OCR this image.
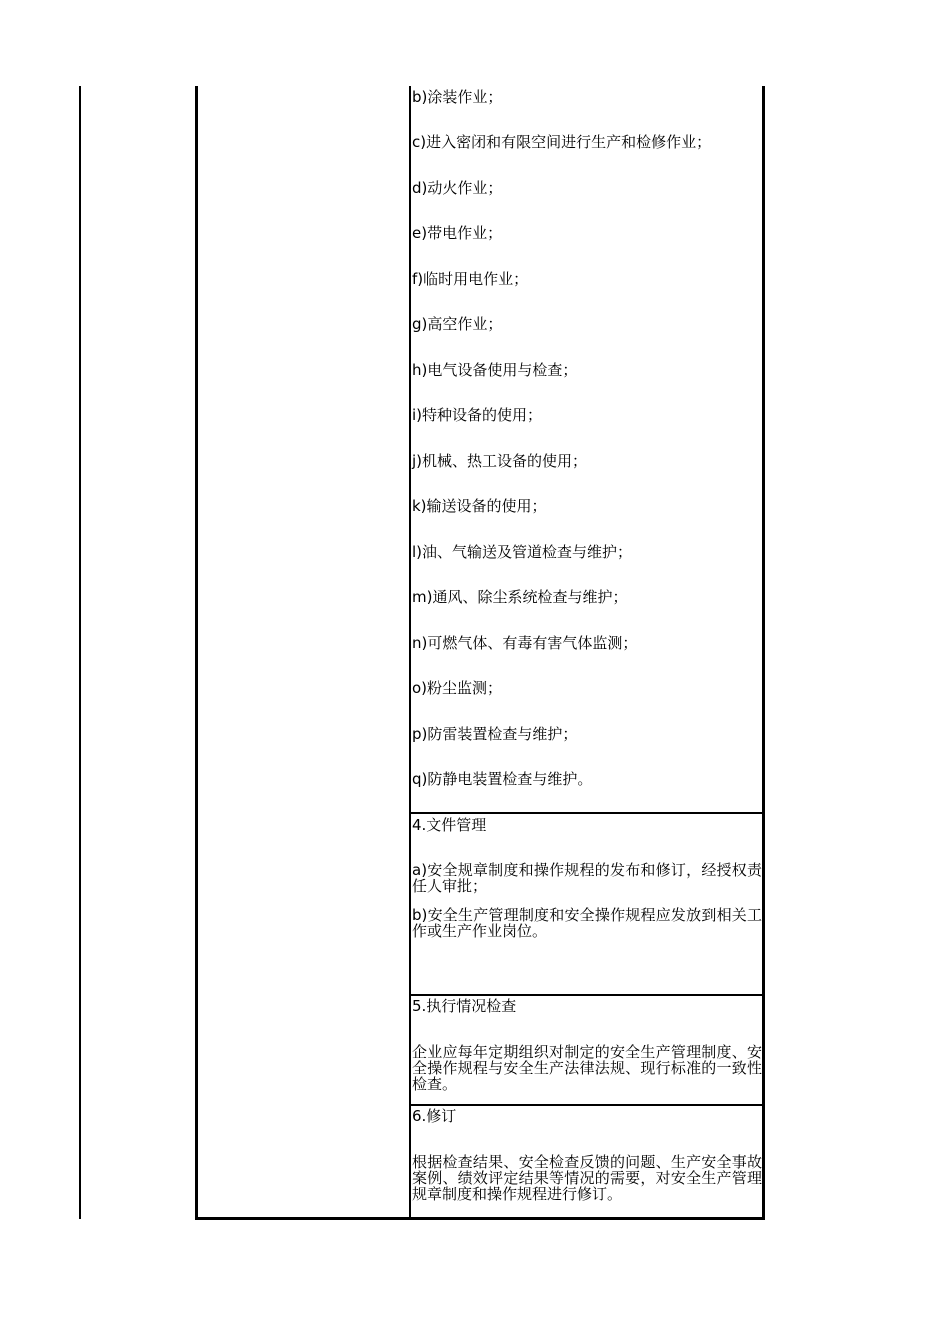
b)涂装作业；
c)进入密闭和有限空间进行生产和检修作业；
d)动火作业；
e)带电作业；
f)临时用电作业；
g)高空作业；
h)电气设备使用与检查；
i)特种设备的使用；
j)机械、热工设备的使用；
k)输送设备的使用；
l)油、气输送及管道检查与维护；
m)通风、除尘系统检查与维护；
n)可燃气体、有毒有害气体监测；
o)粉尘监测；
p)防雷装置检查与维护；
q)防静电装置检查与维护。
4.文件管理
a)安全规章制度和操作规程的发布和修订，经授权责任人审批；
b)安全生产管理制度和安全操作规程应发放到相关工作或生产作业岗位。
5.执行情况检查
企业应每年定期组织对制定的安全生产管理制度、安全操作规程与安全生产法律法规、现行标准的一致性检查。
6.修订
根据检查结果、安全检查反馈的问题、生产安全事故案例、绩效评定结果等情况的需要，对安全生产管理规章制度和操作规程进行修订。
